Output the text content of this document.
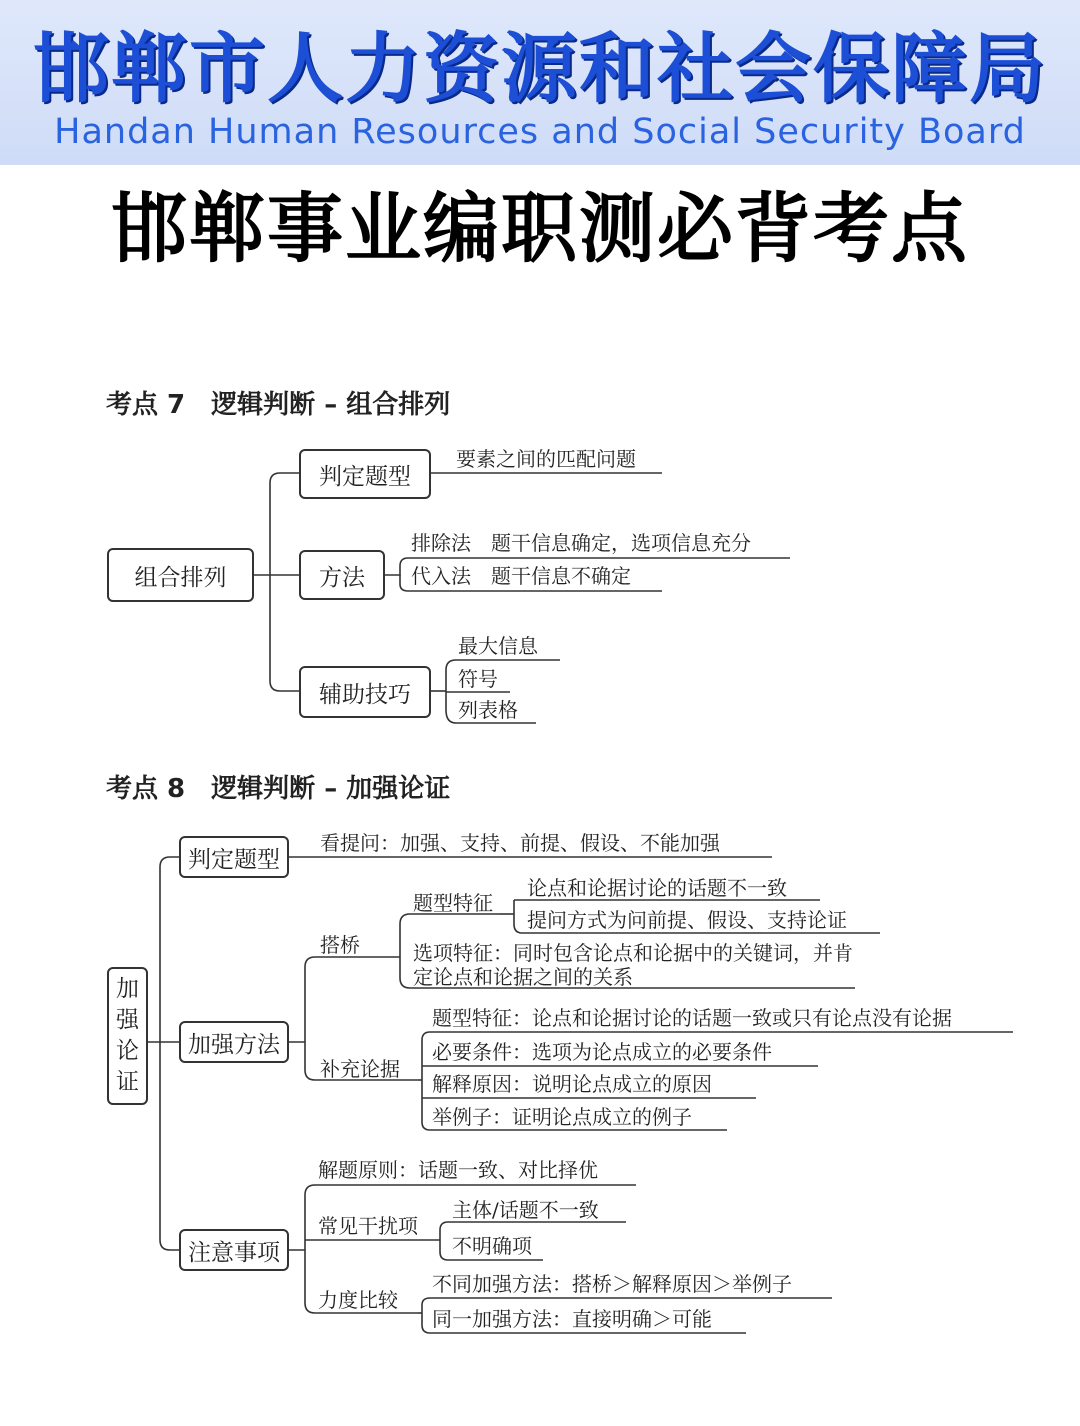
邯郸市人力资源和社会保障局
Handan Human Resources and Social Security Board
邯郸事业编职测必背考点
考点 7　逻辑判断 – 组合排列
组合排列
判定题型
方法
辅助技巧
要素之间的匹配问题
排除法　题干信息确定，选项信息充分
代入法　题干信息不确定
最大信息
符号
列表格
考点 8　逻辑判断 – 加强论证
加
强
论
证
判定题型
加强方法
注意事项
看提问：加强、支持、前提、假设、不能加强
搭桥
题型特征
论点和论据讨论的话题不一致
提问方式为问前提、假设、支持论证
选项特征：同时包含论点和论据中的关键词，并肯定论点和论据之间的关系
补充论据
题型特征：论点和论据讨论的话题一致或只有论点没有论据
必要条件：选项为论点成立的必要条件
解释原因：说明论点成立的原因
举例子：证明论点成立的例子
解题原则：话题一致、对比择优
常见干扰项
主体/话题不一致
不明确项
力度比较
不同加强方法：搭桥＞解释原因＞举例子
同一加强方法：直接明确＞可能
